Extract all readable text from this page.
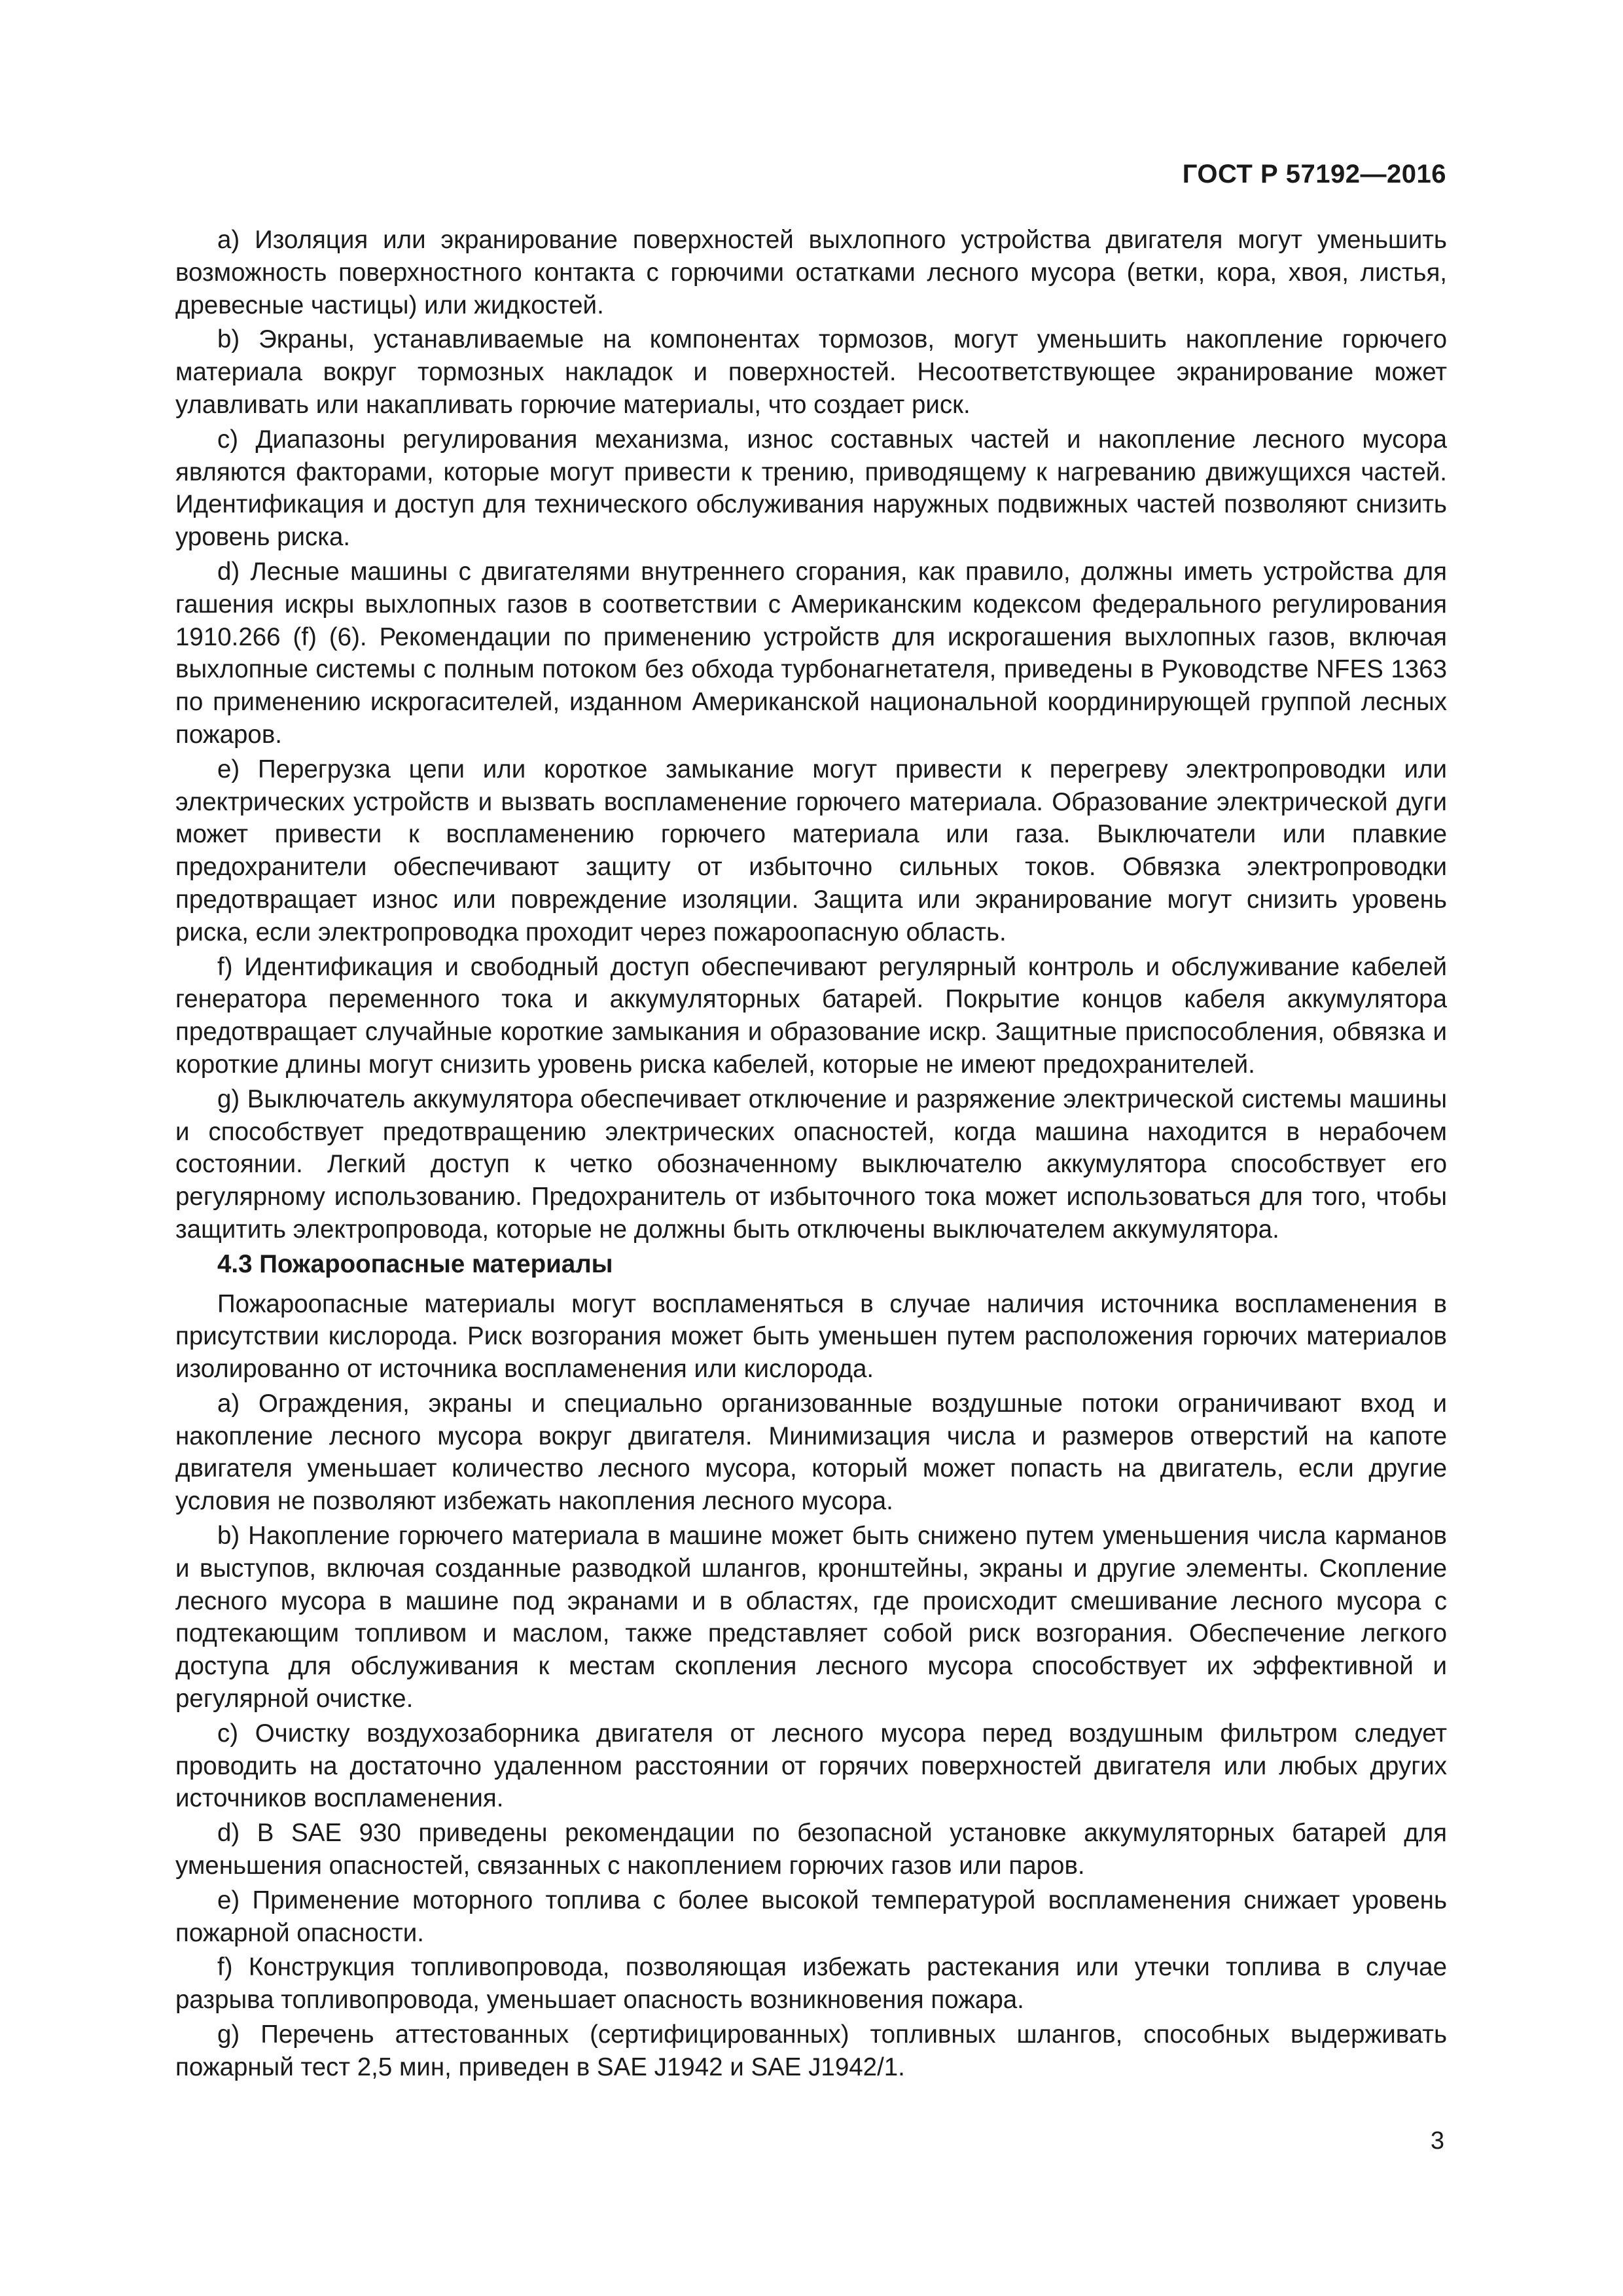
ГОСТ Р 57192—2016

а) Изоляция или экранирование поверхностей выхлопного устройства двигателя могут уменьшить возможность поверхностного контакта с горючими остатками лесного мусора (ветки, кора, хвоя, листья, древесные частицы) или жидкостей.

b) Экраны, устанавливаемые на компонентах тормозов, могут уменьшить накопление горючего материала вокруг тормозных накладок и поверхностей. Несоответствующее экранирование может улавливать или накапливать горючие материалы, что создает риск.

с) Диапазоны регулирования механизма, износ составных частей и накопление лесного мусора являются факторами, которые могут привести к трению, приводящему к нагреванию движущихся частей. Идентификация и доступ для технического обслуживания наружных подвижных частей позволяют снизить уровень риска.

d) Лесные машины с двигателями внутреннего сгорания, как правило, должны иметь устройства для гашения искры выхлопных газов в соответствии с Американским кодексом федерального регулирования 1910.266 (f) (6). Рекомендации по применению устройств для искрогашения выхлопных газов, включая выхлопные системы с полным потоком без обхода турбонагнетателя, приведены в Руководстве NFES 1363 по применению искрогасителей, изданном Американской национальной координирующей группой лесных пожаров.

е) Перегрузка цепи или короткое замыкание могут привести к перегреву электропроводки или электрических устройств и вызвать воспламенение горючего материала. Образование электрической дуги может привести к воспламенению горючего материала или газа. Выключатели или плавкие предохранители обеспечивают защиту от избыточно сильных токов. Обвязка электропроводки предотвращает износ или повреждение изоляции. Защита или экранирование могут снизить уровень риска, если электропроводка проходит через пожароопасную область.

f) Идентификация и свободный доступ обеспечивают регулярный контроль и обслуживание кабелей генератора переменного тока и аккумуляторных батарей. Покрытие концов кабеля аккумулятора предотвращает случайные короткие замыкания и образование искр. Защитные приспособления, обвязка и короткие длины могут снизить уровень риска кабелей, которые не имеют предохранителей.

g) Выключатель аккумулятора обеспечивает отключение и разряжение электрической системы машины и способствует предотвращению электрических опасностей, когда машина находится в нерабочем состоянии. Легкий доступ к четко обозначенному выключателю аккумулятора способствует его регулярному использованию. Предохранитель от избыточного тока может использоваться для того, чтобы защитить электропровода, которые не должны быть отключены выключателем аккумулятора.

4.3 Пожароопасные материалы

Пожароопасные материалы могут воспламеняться в случае наличия источника воспламенения в присутствии кислорода. Риск возгорания может быть уменьшен путем расположения горючих материалов изолированно от источника воспламенения или кислорода.

а) Ограждения, экраны и специально организованные воздушные потоки ограничивают вход и накопление лесного мусора вокруг двигателя. Минимизация числа и размеров отверстий на капоте двигателя уменьшает количество лесного мусора, который может попасть на двигатель, если другие условия не позволяют избежать накопления лесного мусора.

b) Накопление горючего материала в машине может быть снижено путем уменьшения числа карманов и выступов, включая созданные разводкой шлангов, кронштейны, экраны и другие элементы. Скопление лесного мусора в машине под экранами и в областях, где происходит смешивание лесного мусора с подтекающим топливом и маслом, также представляет собой риск возгорания. Обеспечение легкого доступа для обслуживания к местам скопления лесного мусора способствует их эффективной и регулярной очистке.

с) Очистку воздухозаборника двигателя от лесного мусора перед воздушным фильтром следует проводить на достаточно удаленном расстоянии от горячих поверхностей двигателя или любых других источников воспламенения.

d) В SAE 930 приведены рекомендации по безопасной установке аккумуляторных батарей для уменьшения опасностей, связанных с накоплением горючих газов или паров.

е) Применение моторного топлива с более высокой температурой воспламенения снижает уровень пожарной опасности.

f) Конструкция топливопровода, позволяющая избежать растекания или утечки топлива в случае разрыва топливопровода, уменьшает опасность возникновения пожара.

g) Перечень аттестованных (сертифицированных) топливных шлангов, способных выдерживать пожарный тест 2,5 мин, приведен в SAE J1942 и SAE J1942/1.

3
